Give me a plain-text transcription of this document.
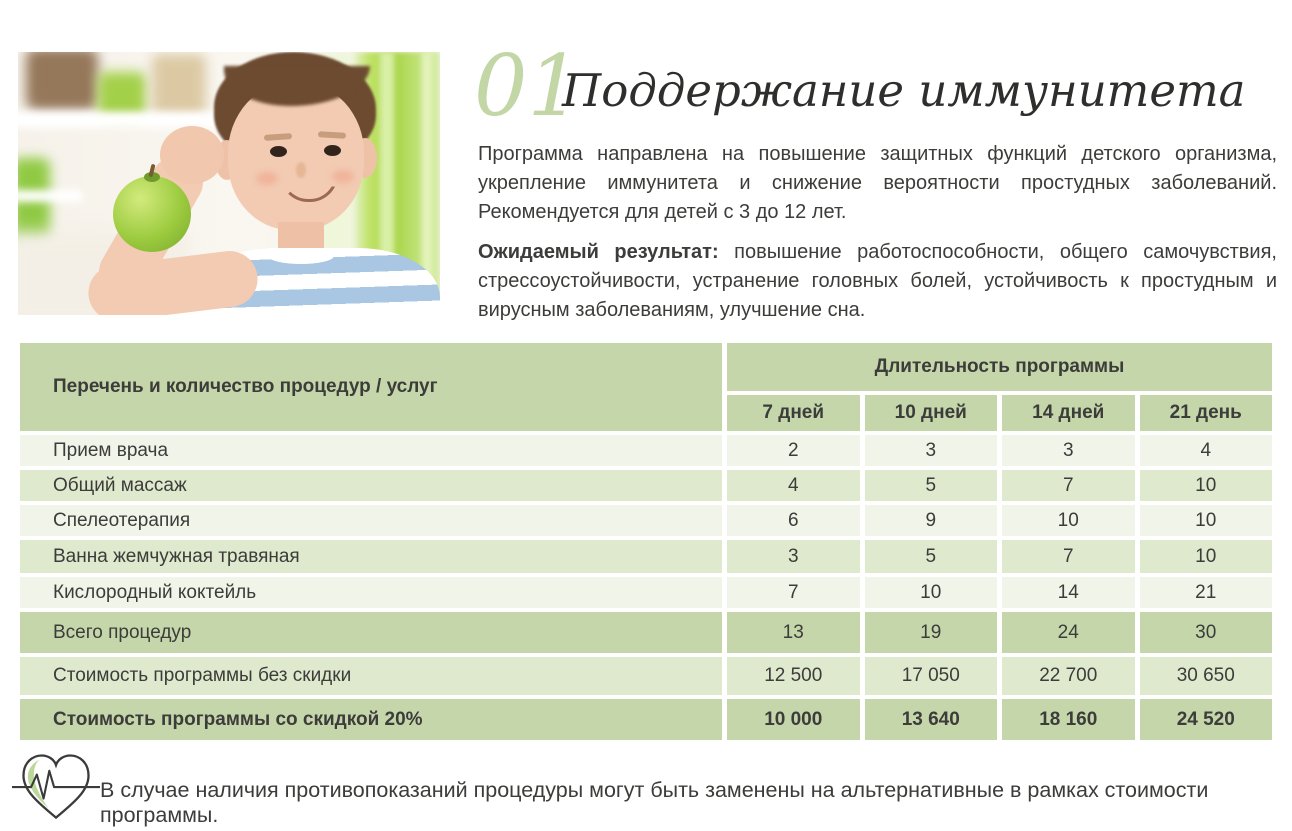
01
Поддержание иммунитета
Программа направлена на повышение защитных функций детского организма, укрепление иммунитета и снижение вероятности простудных заболеваний. Рекомендуется для детей с 3 до 12 лет.
Ожидаемый результат: повышение работоспособности, общего самочувствия, стрессоустойчивости, устранение головных болей, устойчивость к простудным и вирусным заболеваниям, улучшение сна.
Перечень и количество процедур / услуг
Длительность программы
7 дней	10 дней	14 дней	21 день
Прием врача	2	3	3	4
Общий массаж	4	5	7	10
Спелеотерапия	6	9	10	10
Ванна жемчужная травяная	3	5	7	10
Кислородный коктейль	7	10	14	21
Всего процедур	13	19	24	30
Стоимость программы без скидки	12 500	17 050	22 700	30 650
Стоимость программы со скидкой 20%	10 000	13 640	18 160	24 520
В случае наличия противопоказаний процедуры могут быть заменены на альтернативные в рамках стоимости программы.
